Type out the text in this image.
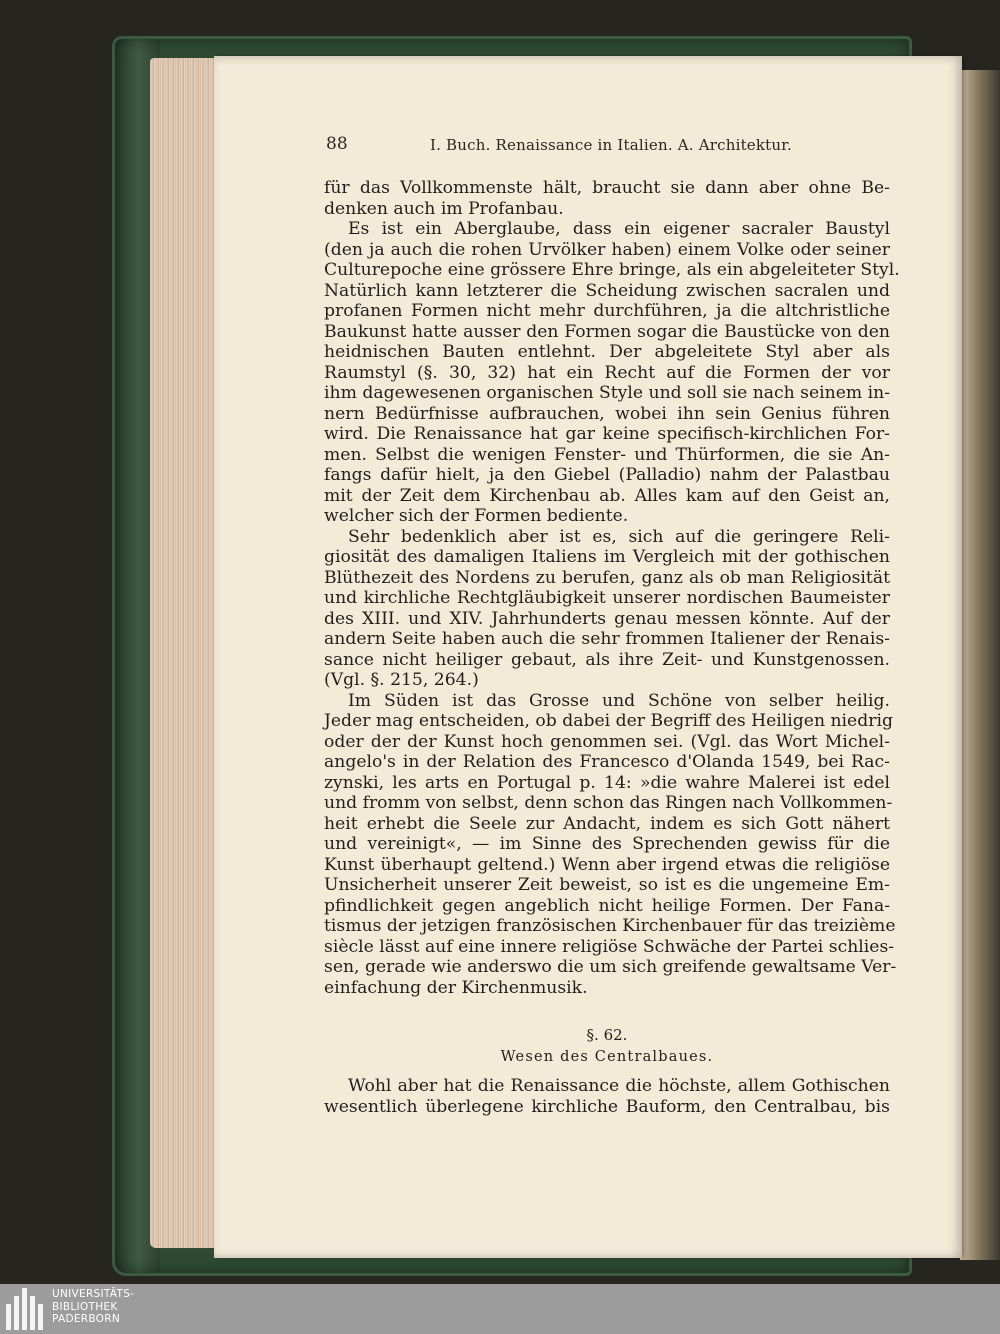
88	I. Buch. Renaissance in Italien. A. Architektur.
für das Vollkommenste hält, braucht sie dann aber ohne Be-
denken auch im Profanbau.
Es ist ein Aberglaube, dass ein eigener sacraler Baustyl
(den ja auch die rohen Urvölker haben) einem Volke oder seiner
Culturepoche eine grössere Ehre bringe, als ein abgeleiteter Styl.
Natürlich kann letzterer die Scheidung zwischen sacralen und
profanen Formen nicht mehr durchführen, ja die altchristliche
Baukunst hatte ausser den Formen sogar die Baustücke von den
heidnischen Bauten entlehnt. Der abgeleitete Styl aber als
Raumstyl (§. 30, 32) hat ein Recht auf die Formen der vor
ihm dagewesenen organischen Style und soll sie nach seinem in-
nern Bedürfnisse aufbrauchen, wobei ihn sein Genius führen
wird. Die Renaissance hat gar keine specifisch-kirchlichen For-
men. Selbst die wenigen Fenster- und Thürformen, die sie An-
fangs dafür hielt, ja den Giebel (Palladio) nahm der Palastbau
mit der Zeit dem Kirchenbau ab. Alles kam auf den Geist an,
welcher sich der Formen bediente.
Sehr bedenklich aber ist es, sich auf die geringere Reli-
giosität des damaligen Italiens im Vergleich mit der gothischen
Blüthezeit des Nordens zu berufen, ganz als ob man Religiosität
und kirchliche Rechtgläubigkeit unserer nordischen Baumeister
des XIII. und XIV. Jahrhunderts genau messen könnte. Auf der
andern Seite haben auch die sehr frommen Italiener der Renais-
sance nicht heiliger gebaut, als ihre Zeit- und Kunstgenossen.
(Vgl. §. 215, 264.)
Im Süden ist das Grosse und Schöne von selber heilig.
Jeder mag entscheiden, ob dabei der Begriff des Heiligen niedrig
oder der der Kunst hoch genommen sei. (Vgl. das Wort Michel-
angelo's in der Relation des Francesco d'Olanda 1549, bei Rac-
zynski, les arts en Portugal p. 14: »die wahre Malerei ist edel
und fromm von selbst, denn schon das Ringen nach Vollkommen-
heit erhebt die Seele zur Andacht, indem es sich Gott nähert
und vereinigt«, — im Sinne des Sprechenden gewiss für die
Kunst überhaupt geltend.) Wenn aber irgend etwas die religiöse
Unsicherheit unserer Zeit beweist, so ist es die ungemeine Em-
pfindlichkeit gegen angeblich nicht heilige Formen. Der Fana-
tismus der jetzigen französischen Kirchenbauer für das treizième
siècle lässt auf eine innere religiöse Schwäche der Partei schlies-
sen, gerade wie anderswo die um sich greifende gewaltsame Ver-
einfachung der Kirchenmusik.
§. 62.
Wesen des Centralbaues.
Wohl aber hat die Renaissance die höchste, allem Gothischen
wesentlich überlegene kirchliche Bauform, den Centralbau, bis
UNIVERSITÄTS-
BIBLIOTHEK
PADERBORN
